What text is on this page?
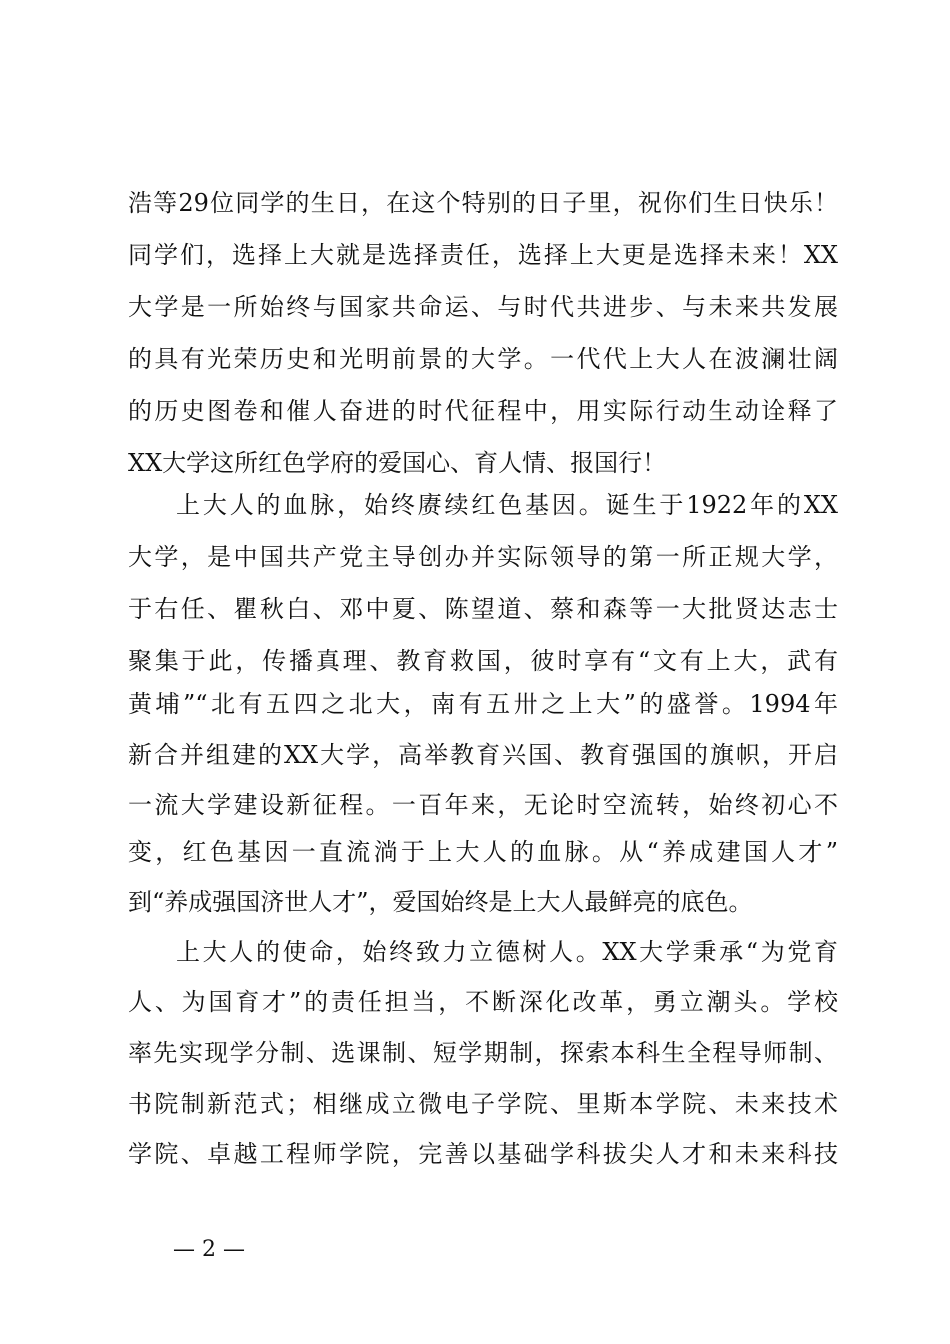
浩等29位同学的生日，在这个特别的日子里，祝你们生日快乐！
同学们，选择上大就是选择责任，选择上大更是选择未来！XX
大学是一所始终与国家共命运、与时代共进步、与未来共发展
的具有光荣历史和光明前景的大学。一代代上大人在波澜壮阔
的历史图卷和催人奋进的时代征程中，用实际行动生动诠释了
XX大学这所红色学府的爱国心、育人情、报国行！
上大人的血脉，始终赓续红色基因。诞生于1922年的XX
大学，是中国共产党主导创办并实际领导的第一所正规大学，
于右任、瞿秋白、邓中夏、陈望道、蔡和森等一大批贤达志士
聚集于此，传播真理、教育救国，彼时享有“文有上大，武有
黄埔”“北有五四之北大，南有五卅之上大”的盛誉。1994年
新合并组建的XX大学，高举教育兴国、教育强国的旗帜，开启
一流大学建设新征程。一百年来，无论时空流转，始终初心不
变，红色基因一直流淌于上大人的血脉。从“养成建国人才”
到“养成强国济世人才”，爱国始终是上大人最鲜亮的底色。
上大人的使命，始终致力立德树人。XX大学秉承“为党育
人、为国育才”的责任担当，不断深化改革，勇立潮头。学校
率先实现学分制、选课制、短学期制，探索本科生全程导师制、
书院制新范式；相继成立微电子学院、里斯本学院、未来技术
学院、卓越工程师学院，完善以基础学科拔尖人才和未来科技
— 2 —
